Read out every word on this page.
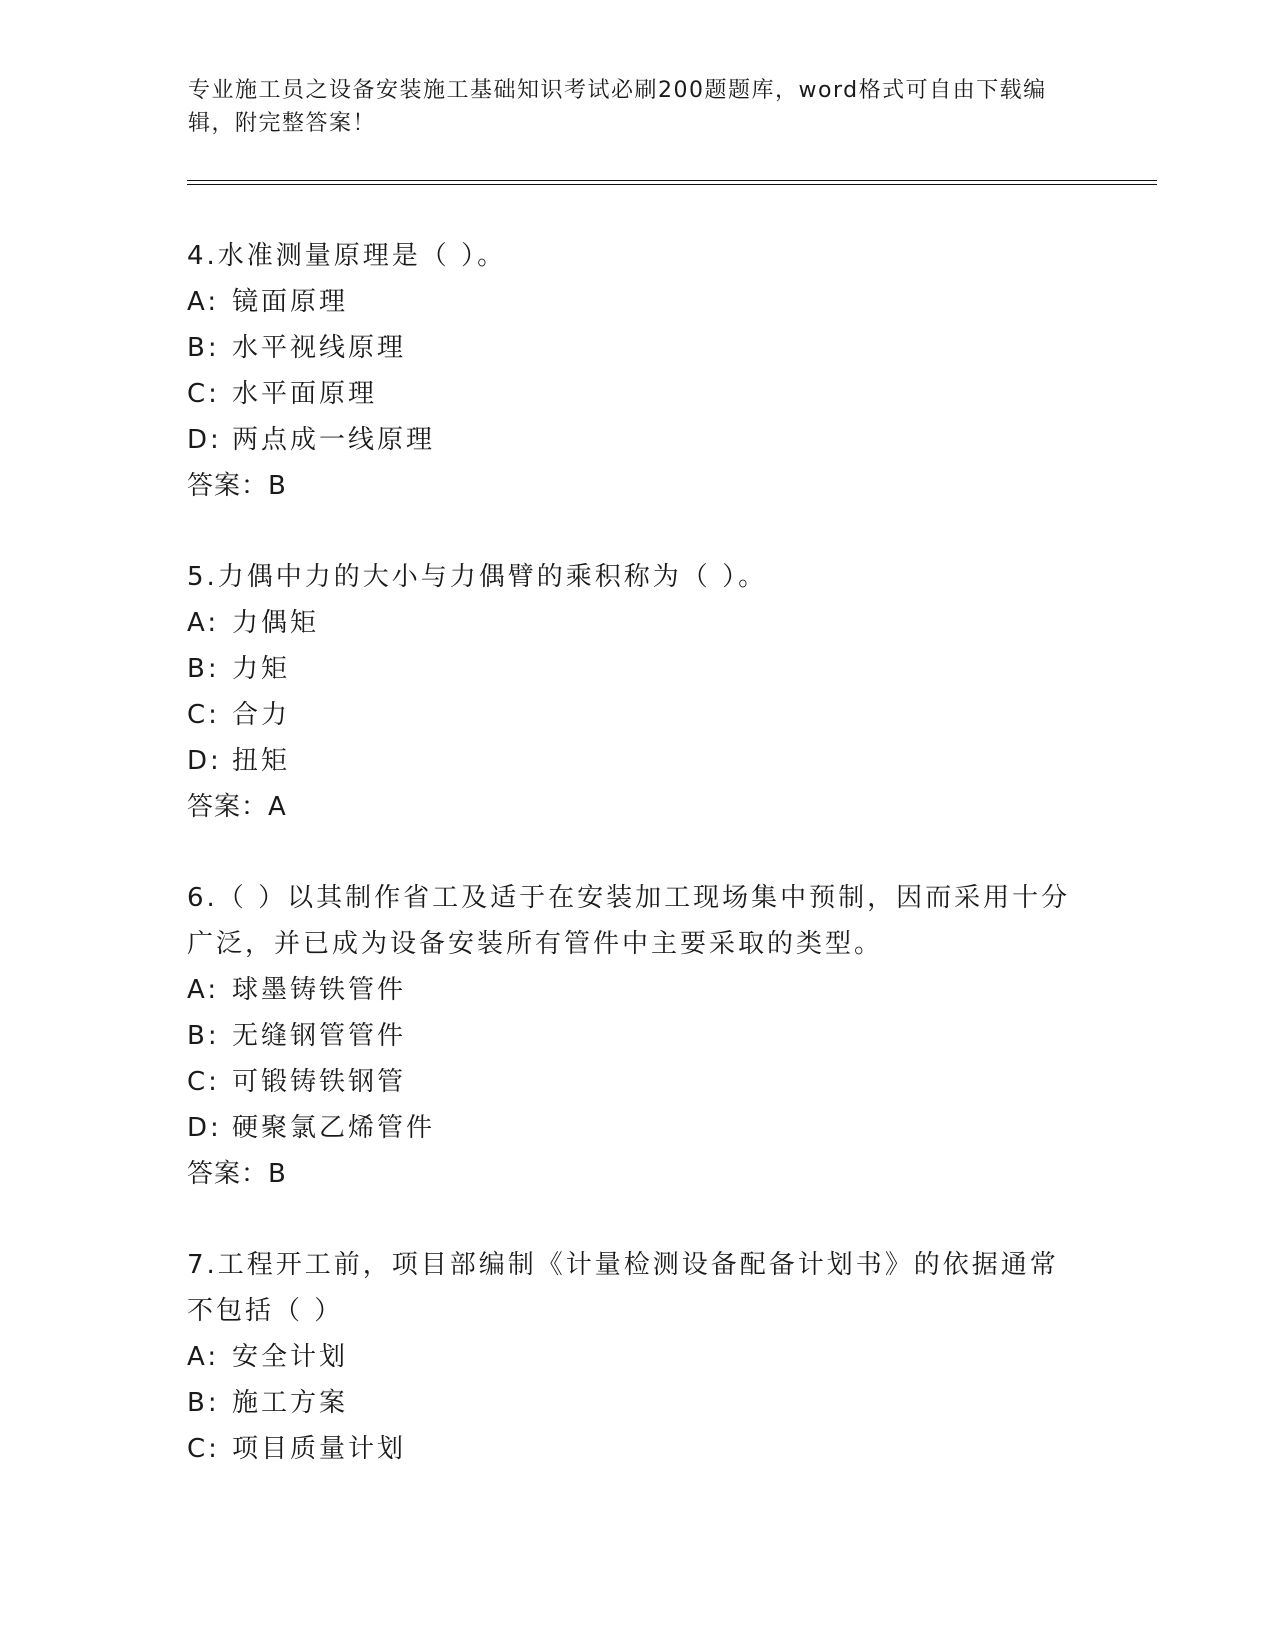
专业施工员之设备安装施工基础知识考试必刷200题题库，word格式可自由下载编辑，附完整答案！
4.水准测量原理是（ ）。
A: 镜面原理
B: 水平视线原理
C: 水平面原理
D: 两点成一线原理
答案：B
5.力偶中力的大小与力偶臂的乘积称为（ ）。
A: 力偶矩
B: 力矩
C: 合力
D: 扭矩
答案：A
6.（ ）以其制作省工及适于在安装加工现场集中预制，因而采用十分广泛，并已成为设备安装所有管件中主要采取的类型。
A: 球墨铸铁管件
B: 无缝钢管管件
C: 可锻铸铁钢管
D: 硬聚氯乙烯管件
答案：B
7.工程开工前，项目部编制《计量检测设备配备计划书》的依据通常不包括（ ）
A: 安全计划
B: 施工方案
C: 项目质量计划
